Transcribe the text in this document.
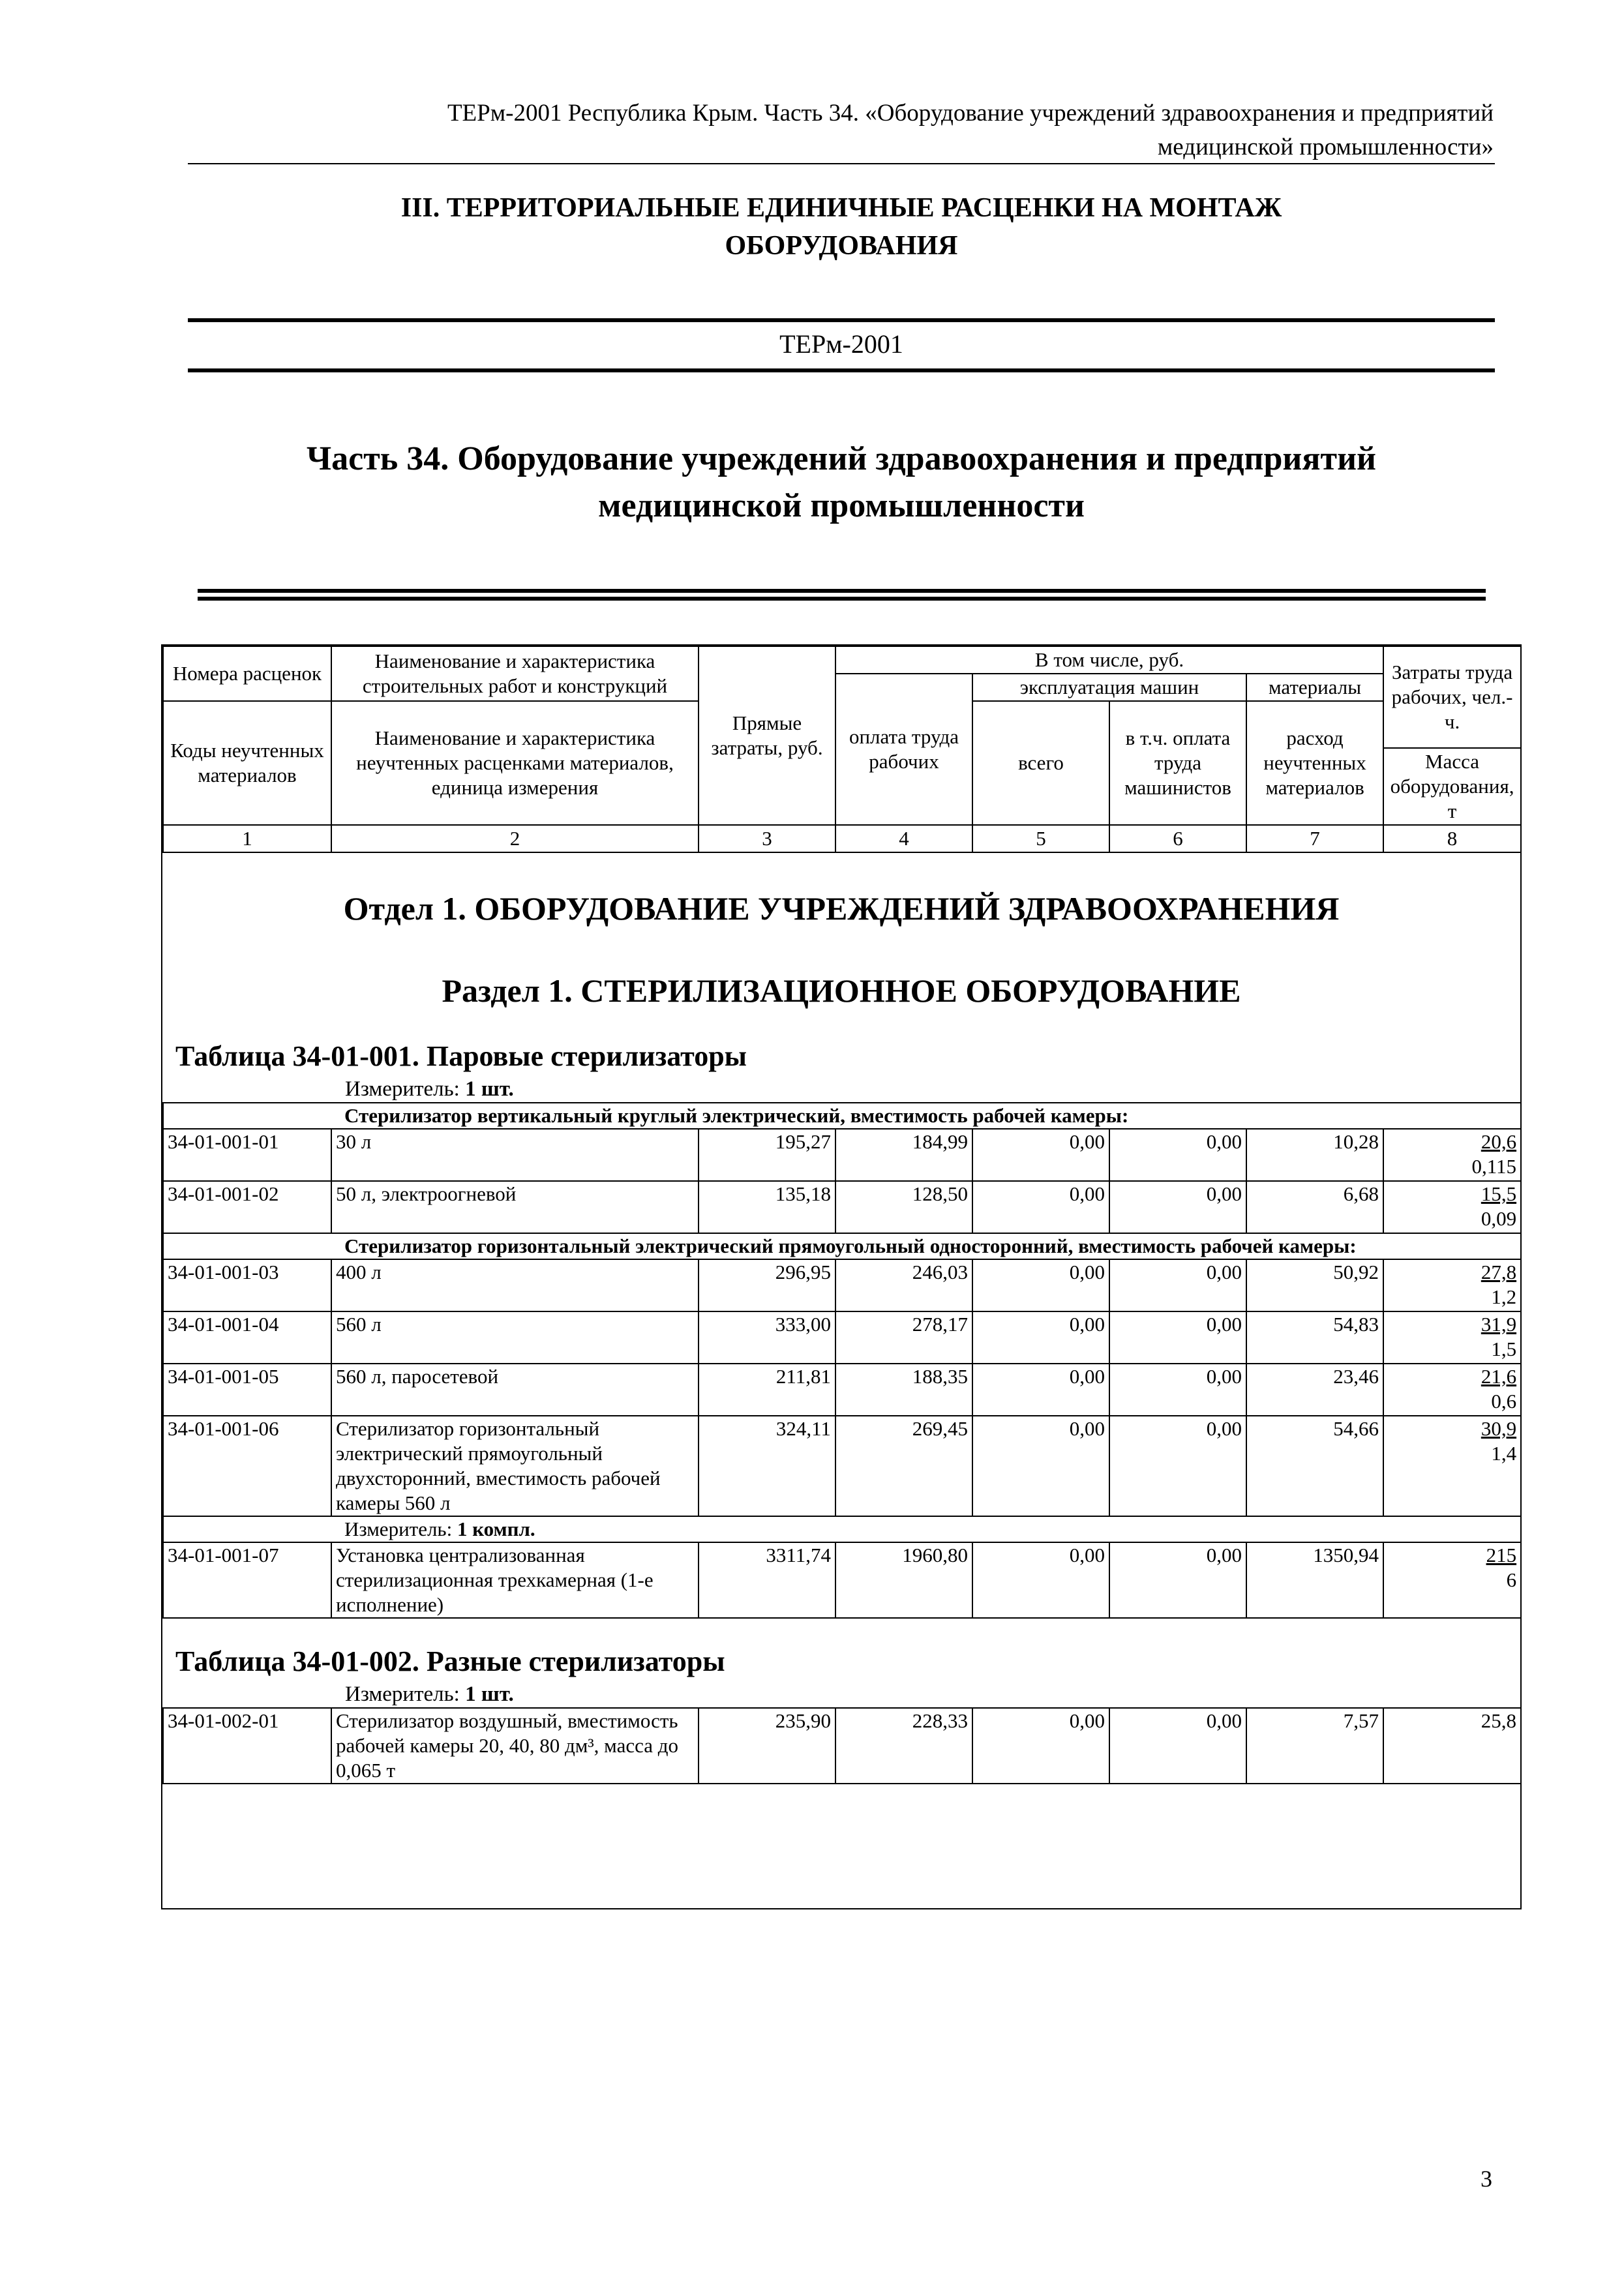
ТЕРм-2001 Республика Крым. Часть 34. «Оборудование учреждений здравоохранения и предприятий
медицинской промышленности»
III. ТЕРРИТОРИАЛЬНЫЕ ЕДИНИЧНЫЕ РАСЦЕНКИ НА МОНТАЖ
ОБОРУДОВАНИЯ
ТЕРм-2001
Часть 34. Оборудование учреждений здравоохранения и предприятий
медицинской промышленности
Номера расценок	Наименование и характеристика строительных работ и конструкций	Прямые затраты, руб.	В том числе, руб.				Затраты труда рабочих, чел.-ч.
			оплата труда рабочих	эксплуатация машин		материалы	
Коды неучтенных материалов	Наименование и характеристика неучтенных расценками материалов, единица измерения			всего	в т.ч. оплата труда машинистов	расход неучтенных материалов	
							Масса оборудования, т
1	2	3	4	5	6	7	8
Отдел 1. ОБОРУДОВАНИЕ УЧРЕЖДЕНИЙ ЗДРАВООХРАНЕНИЯ
Раздел 1. СТЕРИЛИЗАЦИОННОЕ ОБОРУДОВАНИЕ
Таблица 34-01-001. Паровые стерилизаторы
Измеритель: 1 шт.
	Стерилизатор вертикальный круглый электрический, вместимость рабочей камеры:						
34-01-001-01	30 л	195,27	184,99	0,00	0,00	10,28	20,6
0,115

34-01-001-02	50 л, электроогневой	135,18	128,50	0,00	0,00	6,68	15,5
0,09

	Стерилизатор горизонтальный электрический прямоугольный односторонний, вместимость рабочей камеры:						
34-01-001-03	400 л	296,95	246,03	0,00	0,00	50,92	27,8
1,2

34-01-001-04	560 л	333,00	278,17	0,00	0,00	54,83	31,9
1,5

34-01-001-05	560 л, паросетевой	211,81	188,35	0,00	0,00	23,46	21,6
0,6

34-01-001-06	Стерилизатор горизонтальный электрический прямоугольный двухсторонний, вместимость рабочей камеры 560 л	324,11	269,45	0,00	0,00	54,66	30,9
1,4

	Измеритель: 1 компл.						
34-01-001-07	Установка централизованная стерилизационная трехкамерная (1-е исполнение)	3311,74	1960,80	0,00	0,00	1350,94	215
6
Таблица 34-01-002. Разные стерилизаторы
Измеритель: 1 шт.
34-01-002-01	Стерилизатор воздушный, вместимость рабочей камеры 20, 40, 80 дм³, масса до 0,065 т	235,90	228,33	0,00	0,00	7,57	25,8
3
